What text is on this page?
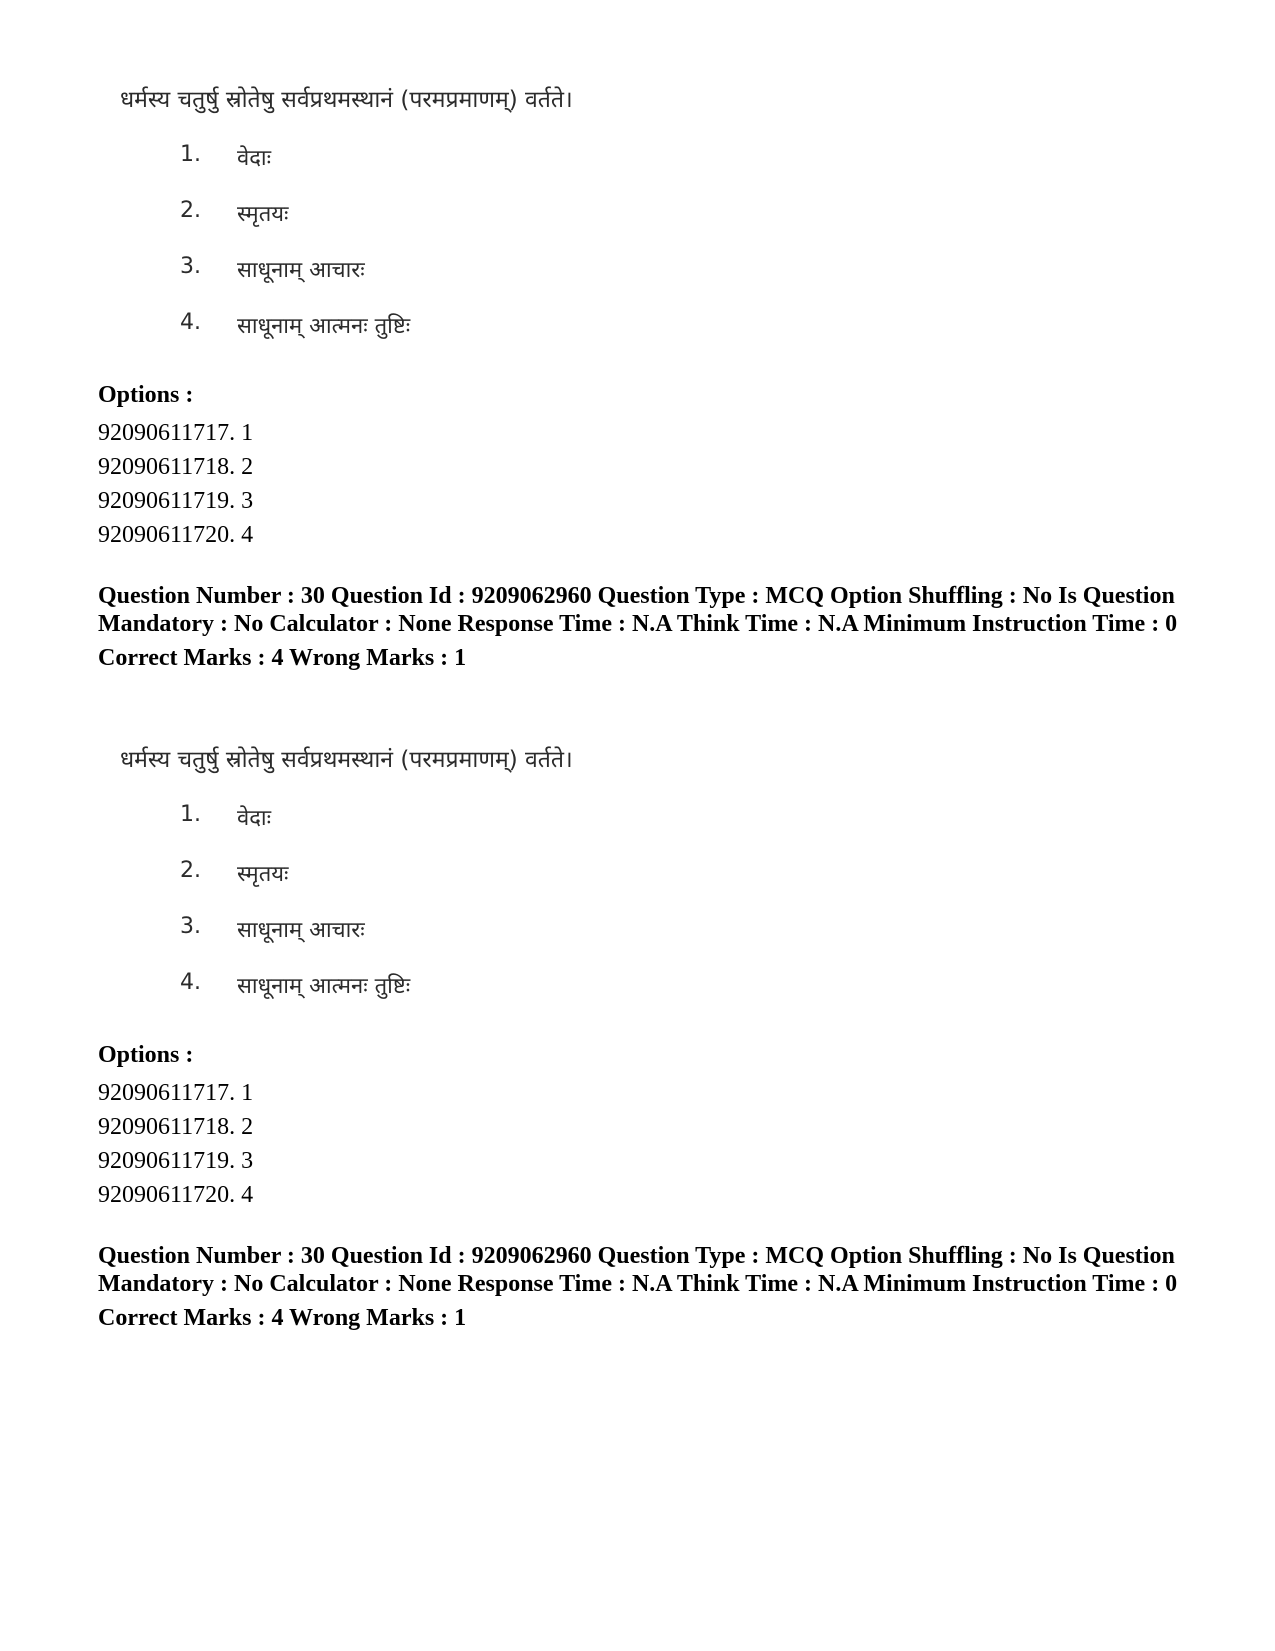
धर्मस्य चतुर्षु स्रोतेषु सर्वप्रथमस्थानं (परमप्रमाणम्) वर्तते।
1.	वेदाः
2.	स्मृतयः
3.	साधूनाम् आचारः
4.	साधूनाम् आत्मनः तुष्टिः
Options :
92090611717. 1
92090611718. 2
92090611719. 3
92090611720. 4

Question Number : 30 Question Id : 9209062960 Question Type : MCQ Option Shuffling : No Is Question Mandatory : No Calculator : None Response Time : N.A Think Time : N.A Minimum Instruction Time : 0

Correct Marks : 4 Wrong Marks : 1

धर्मस्य चतुर्षु स्रोतेषु सर्वप्रथमस्थानं (परमप्रमाणम्) वर्तते।
1.	वेदाः
2.	स्मृतयः
3.	साधूनाम् आचारः
4.	साधूनाम् आत्मनः तुष्टिः
Options :
92090611717. 1
92090611718. 2
92090611719. 3
92090611720. 4

Question Number : 30 Question Id : 9209062960 Question Type : MCQ Option Shuffling : No Is Question Mandatory : No Calculator : None Response Time : N.A Think Time : N.A Minimum Instruction Time : 0

Correct Marks : 4 Wrong Marks : 1
